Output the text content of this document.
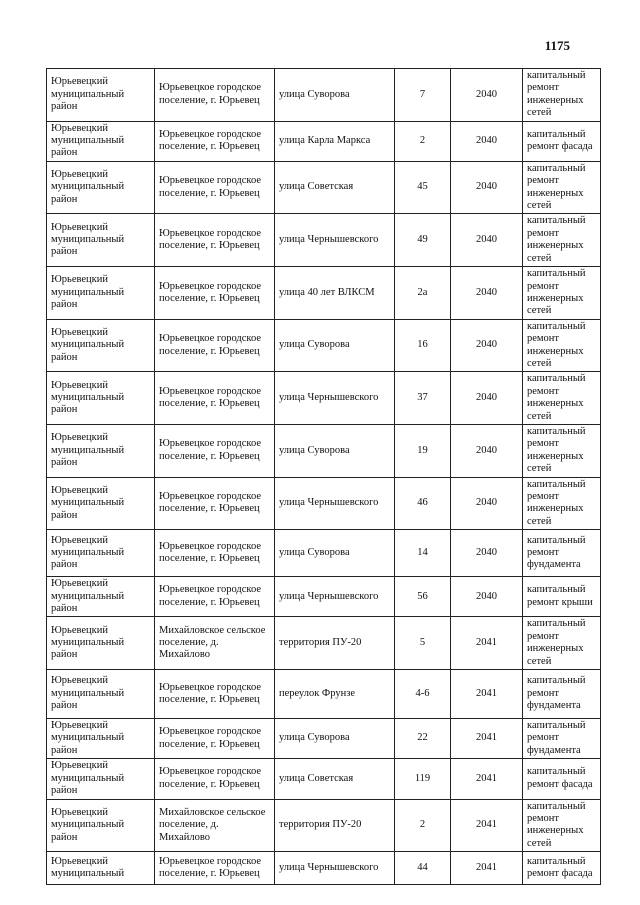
1175
Юрьевецкий муниципальный район	Юрьевецкое городское поселение, г. Юрьевец	улица Суворова	7	2040	капитальный ремонт инженерных сетей
Юрьевецкий муниципальный район	Юрьевецкое городское поселение, г. Юрьевец	улица Карла Маркса	2	2040	капитальный ремонт фасада
Юрьевецкий муниципальный район	Юрьевецкое городское поселение, г. Юрьевец	улица Советская	45	2040	капитальный ремонт инженерных сетей
Юрьевецкий муниципальный район	Юрьевецкое городское поселение, г. Юрьевец	улица Чернышевского	49	2040	капитальный ремонт инженерных сетей
Юрьевецкий муниципальный район	Юрьевецкое городское поселение, г. Юрьевец	улица 40 лет ВЛКСМ	2а	2040	капитальный ремонт инженерных сетей
Юрьевецкий муниципальный район	Юрьевецкое городское поселение, г. Юрьевец	улица Суворова	16	2040	капитальный ремонт инженерных сетей
Юрьевецкий муниципальный район	Юрьевецкое городское поселение, г. Юрьевец	улица Чернышевского	37	2040	капитальный ремонт инженерных сетей
Юрьевецкий муниципальный район	Юрьевецкое городское поселение, г. Юрьевец	улица Суворова	19	2040	капитальный ремонт инженерных сетей
Юрьевецкий муниципальный район	Юрьевецкое городское поселение, г. Юрьевец	улица Чернышевского	46	2040	капитальный ремонт инженерных сетей
Юрьевецкий муниципальный район	Юрьевецкое городское поселение, г. Юрьевец	улица Суворова	14	2040	капитальный ремонт фундамента
Юрьевецкий муниципальный район	Юрьевецкое городское поселение, г. Юрьевец	улица Чернышевского	56	2040	капитальный ремонт крыши
Юрьевецкий муниципальный район	Михайловское сельское поселение, д. Михайлово	территория ПУ-20	5	2041	капитальный ремонт инженерных сетей
Юрьевецкий муниципальный район	Юрьевецкое городское поселение, г. Юрьевец	переулок Фрунзе	4-6	2041	капитальный ремонт фундамента
Юрьевецкий муниципальный район	Юрьевецкое городское поселение, г. Юрьевец	улица Суворова	22	2041	капитальный ремонт фундамента
Юрьевецкий муниципальный район	Юрьевецкое городское поселение, г. Юрьевец	улица Советская	119	2041	капитальный ремонт фасада
Юрьевецкий муниципальный район	Михайловское сельское поселение, д. Михайлово	территория ПУ-20	2	2041	капитальный ремонт инженерных сетей
Юрьевецкий муниципальный	Юрьевецкое городское поселение, г. Юрьевец	улица Чернышевского	44	2041	капитальный ремонт фасада
